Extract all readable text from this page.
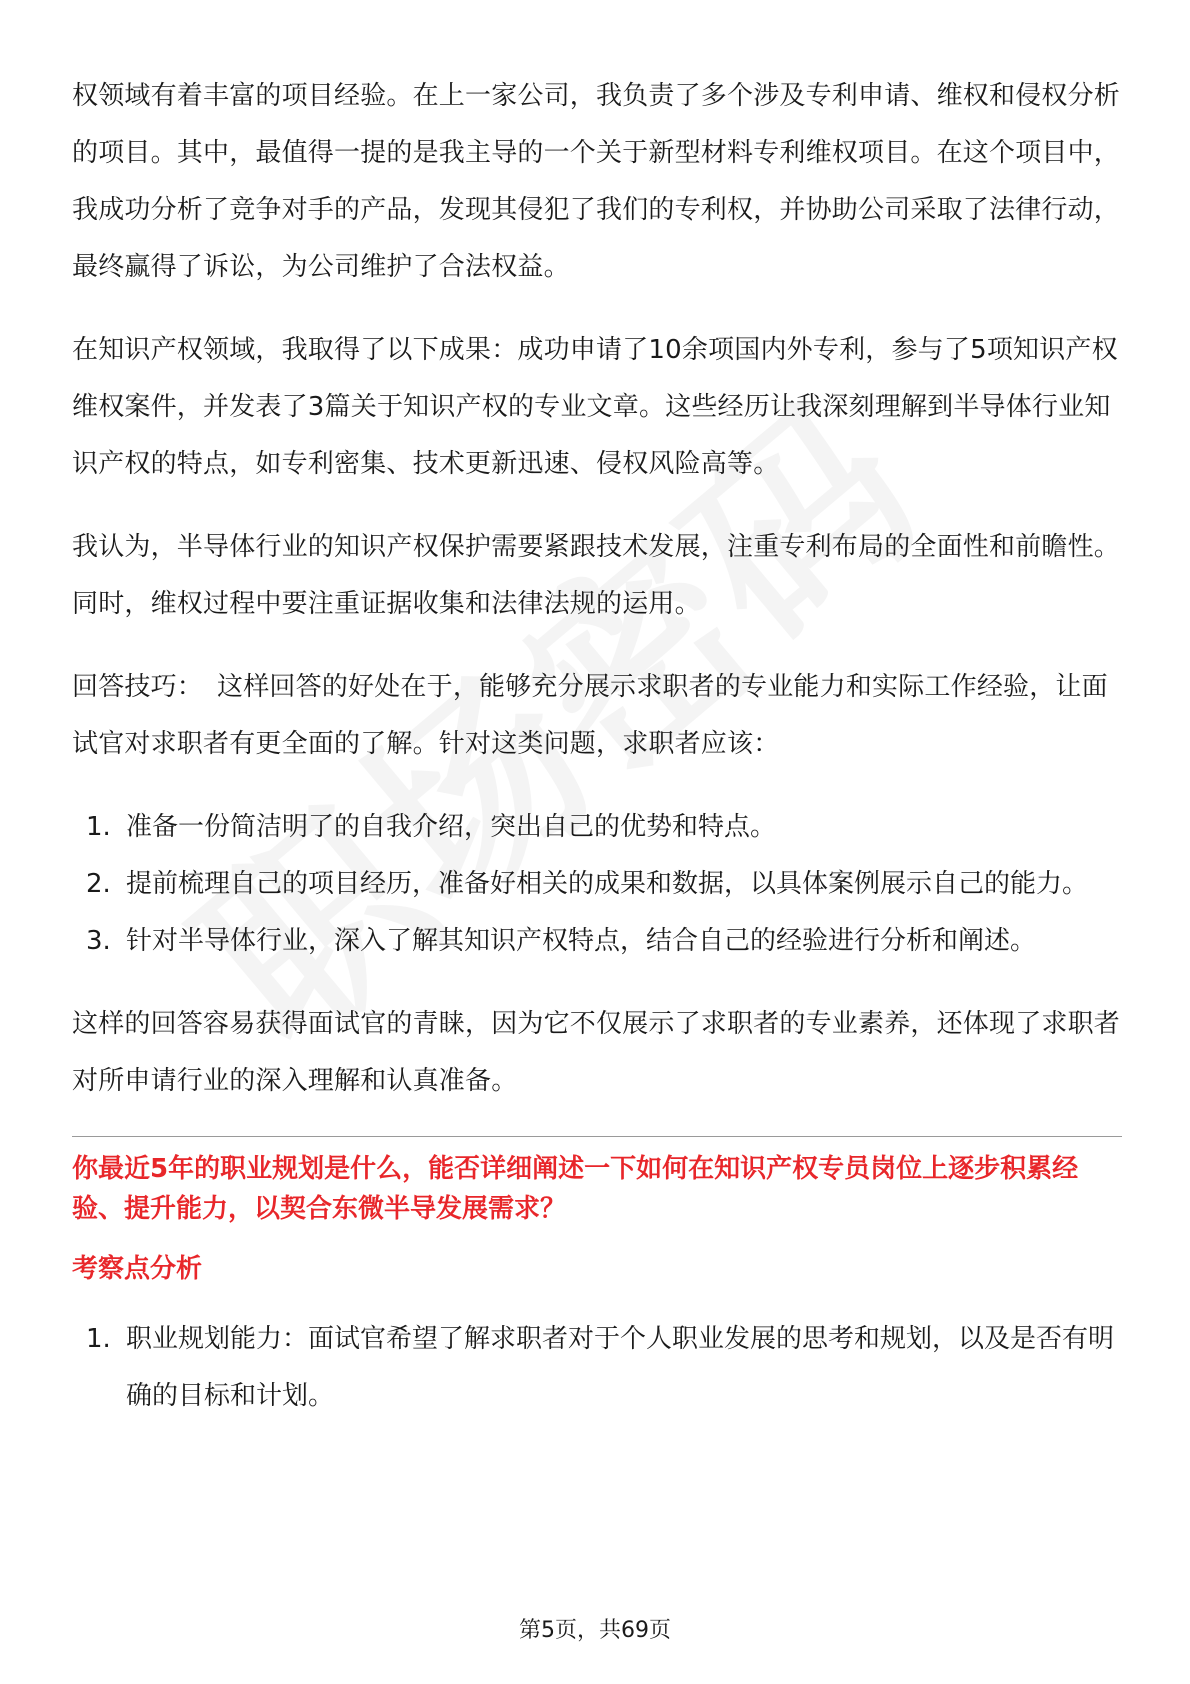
权领域有着丰富的项目经验。在上一家公司，我负责了多个涉及专利申请、维权和侵权分析的项目。其中，最值得一提的是我主导的一个关于新型材料专利维权项目。在这个项目中，我成功分析了竞争对手的产品，发现其侵犯了我们的专利权，并协助公司采取了法律行动，最终赢得了诉讼，为公司维护了合法权益。

在知识产权领域，我取得了以下成果：成功申请了10余项国内外专利，参与了5项知识产权维权案件，并发表了3篇关于知识产权的专业文章。这些经历让我深刻理解到半导体行业知识产权的特点，如专利密集、技术更新迅速、侵权风险高等。

我认为，半导体行业的知识产权保护需要紧跟技术发展，注重专利布局的全面性和前瞻性。同时，维权过程中要注重证据收集和法律法规的运用。

回答技巧： 这样回答的好处在于，能够充分展示求职者的专业能力和实际工作经验，让面试官对求职者有更全面的了解。针对这类问题，求职者应该：

1. 准备一份简洁明了的自我介绍，突出自己的优势和特点。
2. 提前梳理自己的项目经历，准备好相关的成果和数据，以具体案例展示自己的能力。
3. 针对半导体行业，深入了解其知识产权特点，结合自己的经验进行分析和阐述。

这样的回答容易获得面试官的青睐，因为它不仅展示了求职者的专业素养，还体现了求职者对所申请行业的深入理解和认真准备。

你最近5年的职业规划是什么，能否详细阐述一下如何在知识产权专员岗位上逐步积累经验、提升能力，以契合东微半导发展需求？

考察点分析

1. 职业规划能力：面试官希望了解求职者对于个人职业发展的思考和规划，以及是否有明确的目标和计划。
第5页，共69页
